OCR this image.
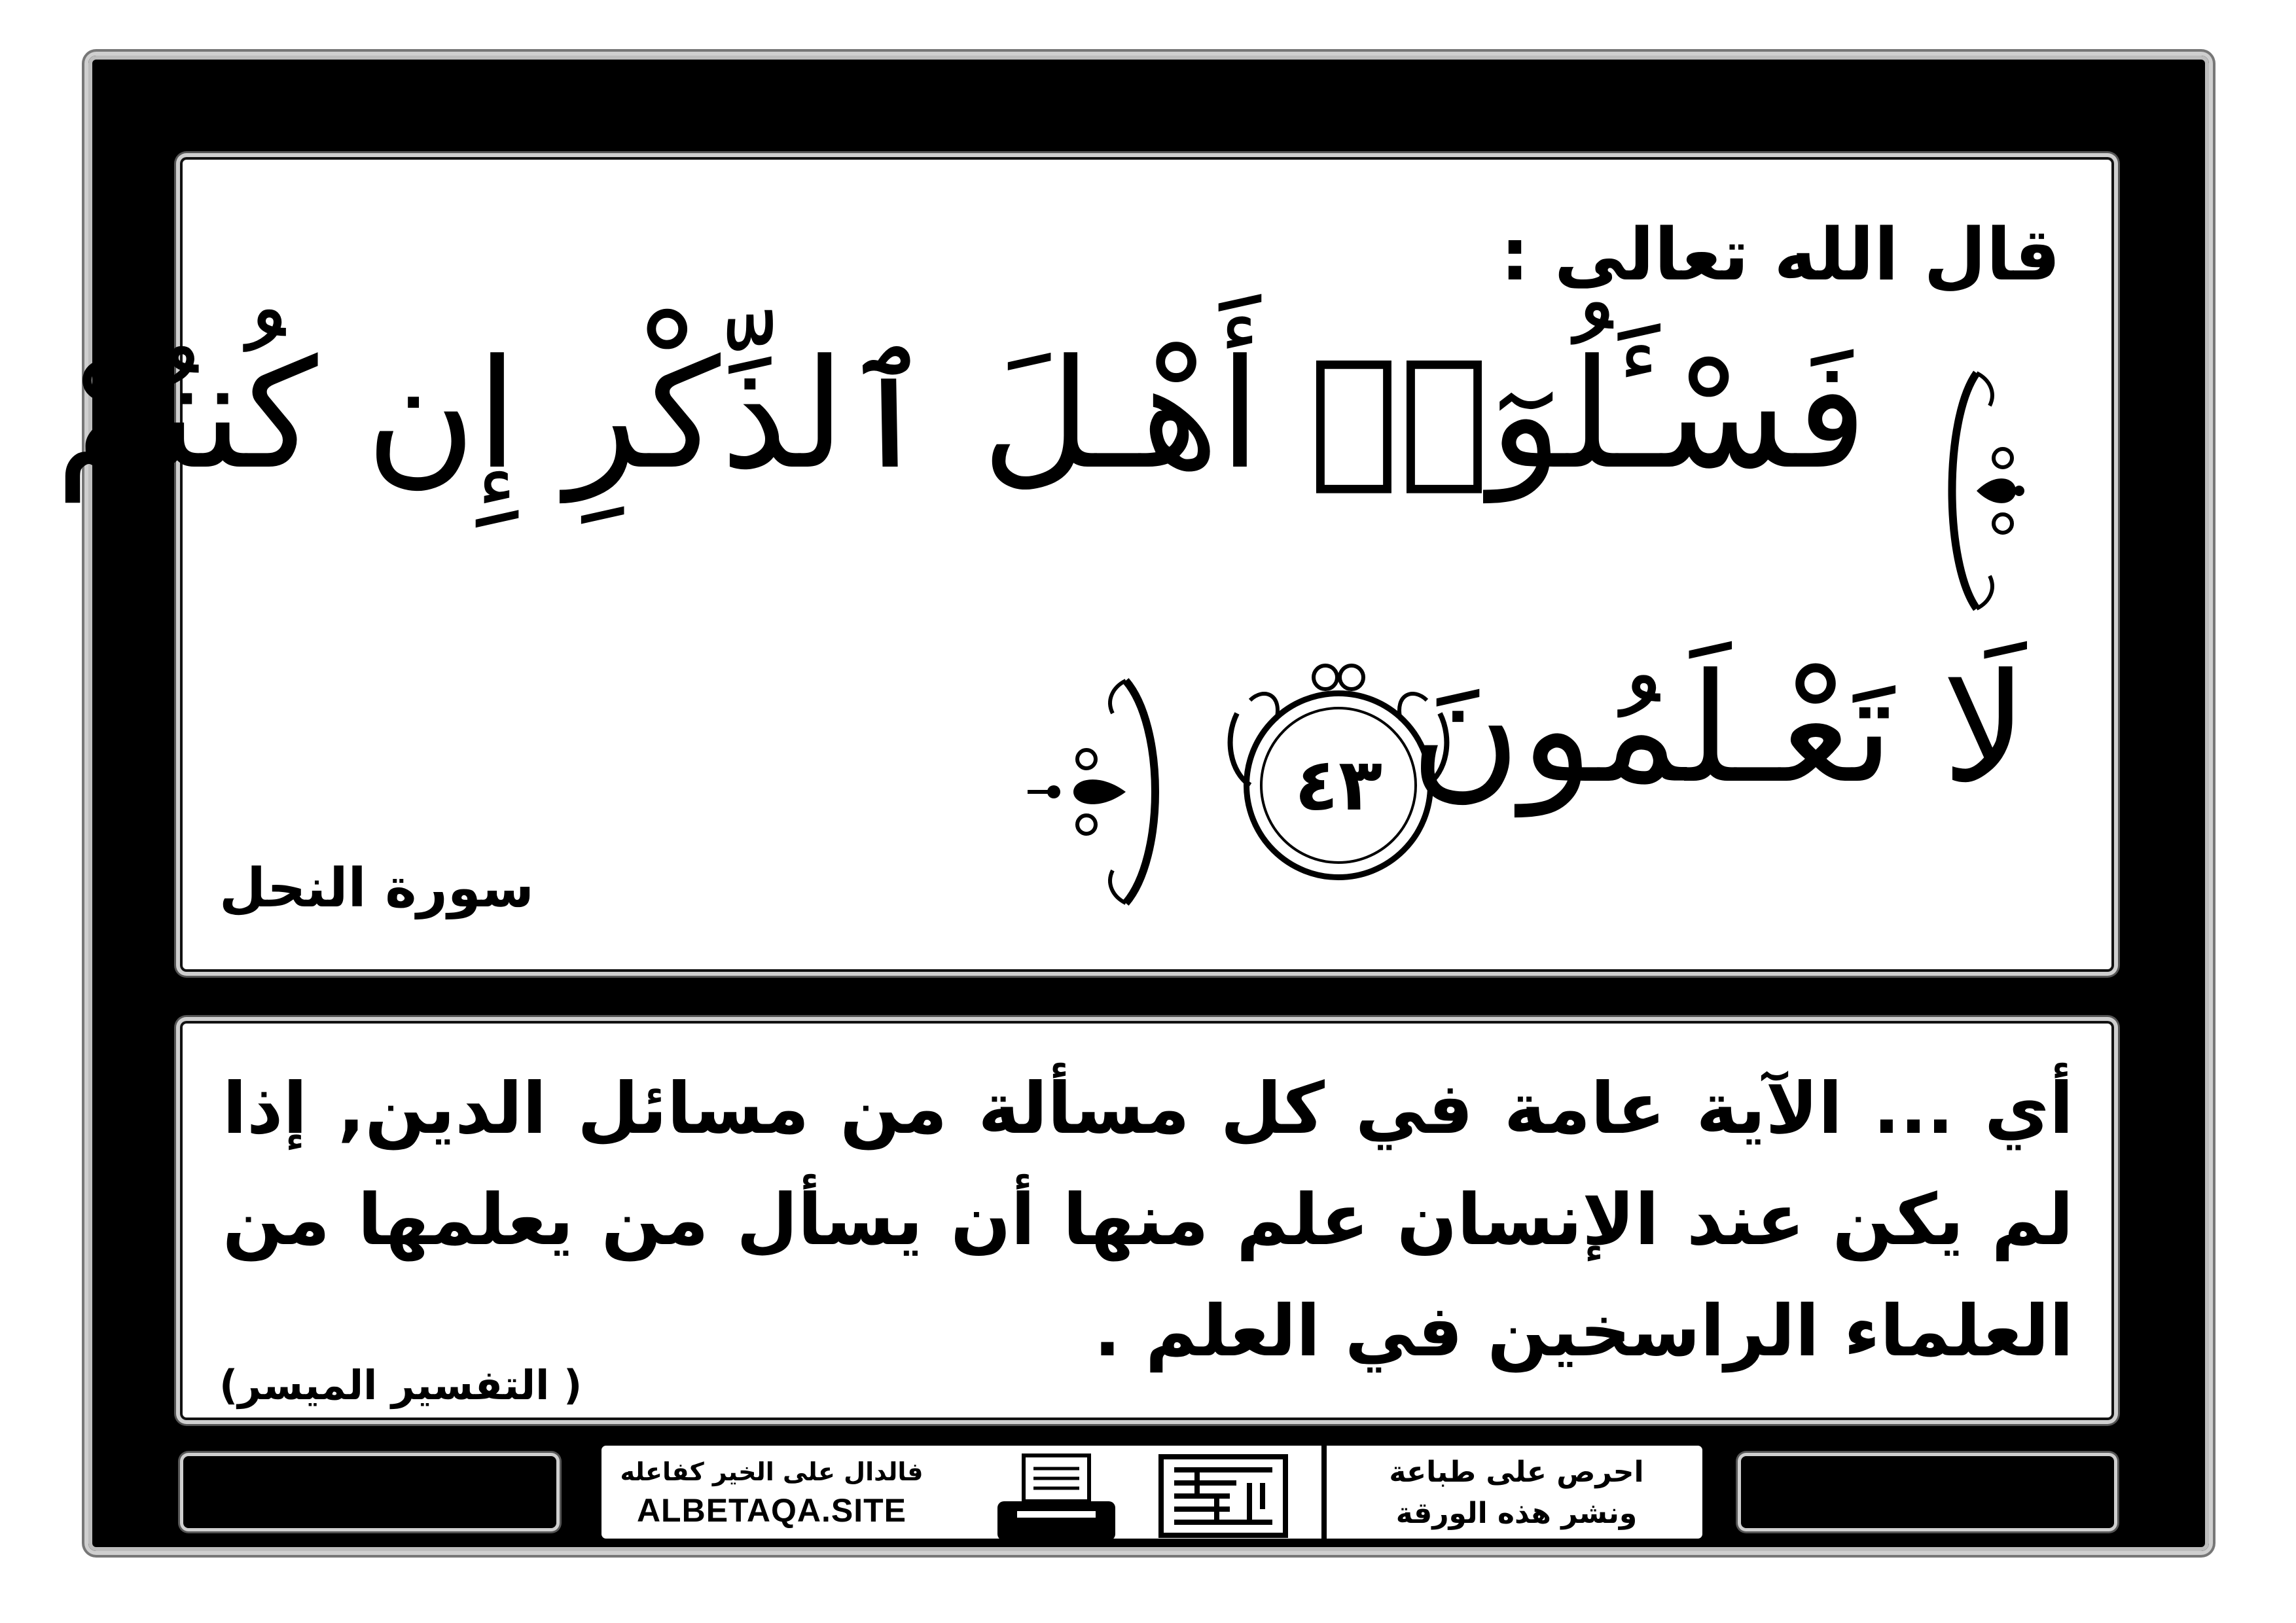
قال الله تعالى :
فَسْـَٔلُوٓا۟ أَهْـلَ ٱلذِّكْرِ إِن كُنتُمْ
لَا تَعْـلَمُونَ
٤٣
سورة النحل
أي ... الآية عامة في كل مسألة من مسائل الدين, إذا لم يكن عند الإنسان علم منها أن يسأل من يعلمها من العلماء الراسخين في العلم .
( التفسير الميسر)
فالدال على الخير كفاعله
ALBETAQA.SITE
احرص على طباعة
ونشر هذه الورقة
